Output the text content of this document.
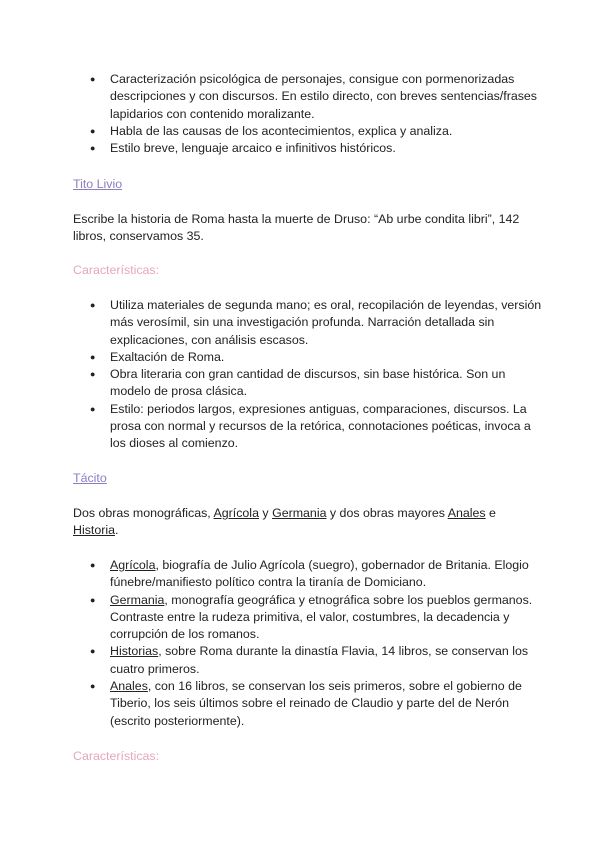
● Caracterización psicológica de personajes, consigue con pormenorizadas descripciones y con discursos. En estilo directo, con breves sentencias/frases lapidarios con contenido moralizante.
● Habla de las causas de los acontecimientos, explica y analiza.
● Estilo breve, lenguaje arcaico e infinitivos históricos.
Tito Livio
Escribe la historia de Roma hasta la muerte de Druso: “Ab urbe condita libri”, 142 libros, conservamos 35.
Características:
● Utiliza materiales de segunda mano; es oral, recopilación de leyendas, versión más verosímil, sin una investigación profunda. Narración detallada sin explicaciones, con análisis escasos.
● Exaltación de Roma.
● Obra literaria con gran cantidad de discursos, sin base histórica. Son un modelo de prosa clásica.
● Estilo: periodos largos, expresiones antiguas, comparaciones, discursos. La prosa con normal y recursos de la retórica, connotaciones poéticas, invoca a los dioses al comienzo.
Tácito
Dos obras monográficas, Agrícola y Germania y dos obras mayores Anales e Historia.
● Agrícola, biografía de Julio Agrícola (suegro), gobernador de Britania. Elogio fúnebre/manifiesto político contra la tiranía de Domiciano.
● Germania, monografía geográfica y etnográfica sobre los pueblos germanos. Contraste entre la rudeza primitiva, el valor, costumbres, la decadencia y corrupción de los romanos.
● Historias, sobre Roma durante la dinastía Flavia, 14 libros, se conservan los cuatro primeros.
● Anales, con 16 libros, se conservan los seis primeros, sobre el gobierno de Tiberio, los seis últimos sobre el reinado de Claudio y parte del de Nerón (escrito posteriormente).
Características:
